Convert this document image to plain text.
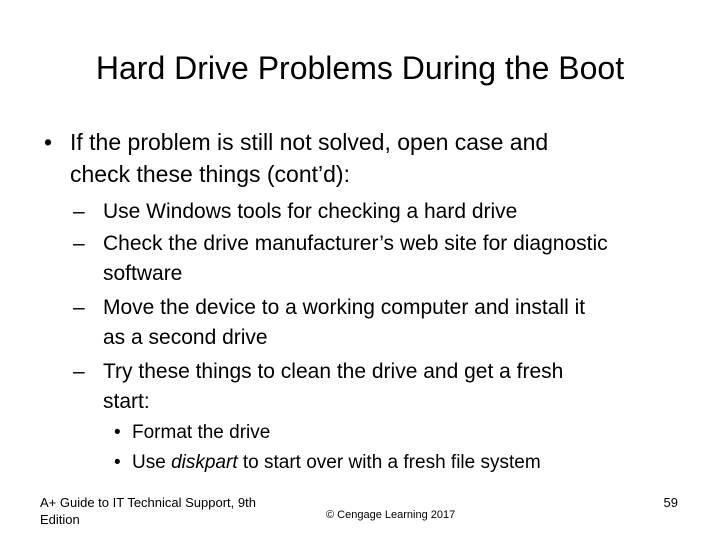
Hard Drive Problems During the Boot
• If the problem is still not solved, open case and
check these things (cont’d):
– Use Windows tools for checking a hard drive
– Check the drive manufacturer’s web site for diagnostic
software
– Move the device to a working computer and install it
as a second drive
– Try these things to clean the drive and get a fresh
start:
• Format the drive
• Use diskpart to start over with a fresh file system
A+ Guide to IT Technical Support, 9th
Edition	© Cengage Learning 2017
59
